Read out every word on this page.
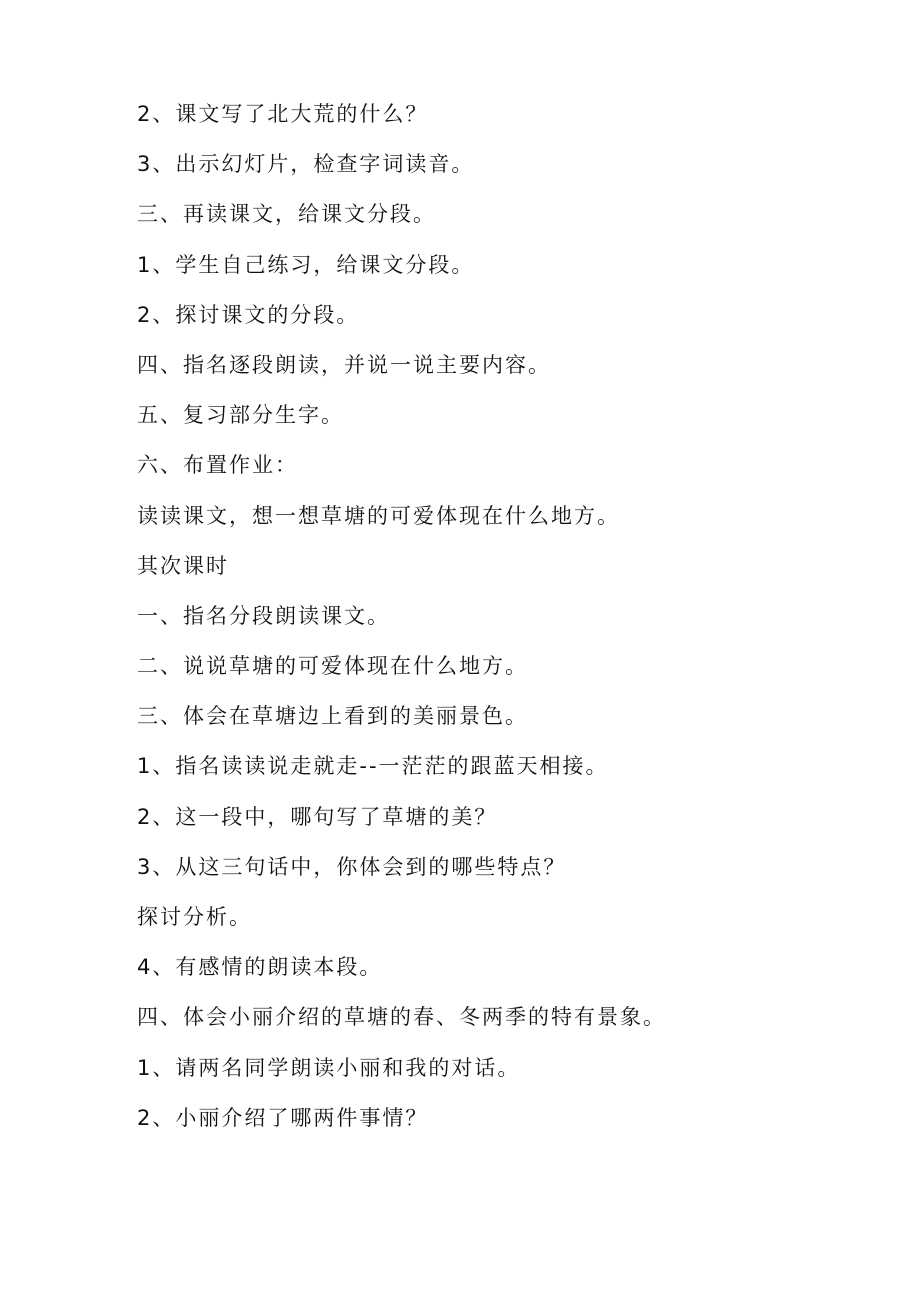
2、课文写了北大荒的什么？
3、出示幻灯片，检查字词读音。
三、再读课文，给课文分段。
1、学生自己练习，给课文分段。
2、探讨课文的分段。
四、指名逐段朗读，并说一说主要内容。
五、复习部分生字。
六、布置作业：
读读课文，想一想草塘的可爱体现在什么地方。
其次课时
一、指名分段朗读课文。
二、说说草塘的可爱体现在什么地方。
三、体会在草塘边上看到的美丽景色。
1、指名读读说走就走--一茫茫的跟蓝天相接。
2、这一段中，哪句写了草塘的美？
3、从这三句话中，你体会到的哪些特点？
探讨分析。
4、有感情的朗读本段。
四、体会小丽介绍的草塘的春、冬两季的特有景象。
1、请两名同学朗读小丽和我的对话。
2、小丽介绍了哪两件事情？
